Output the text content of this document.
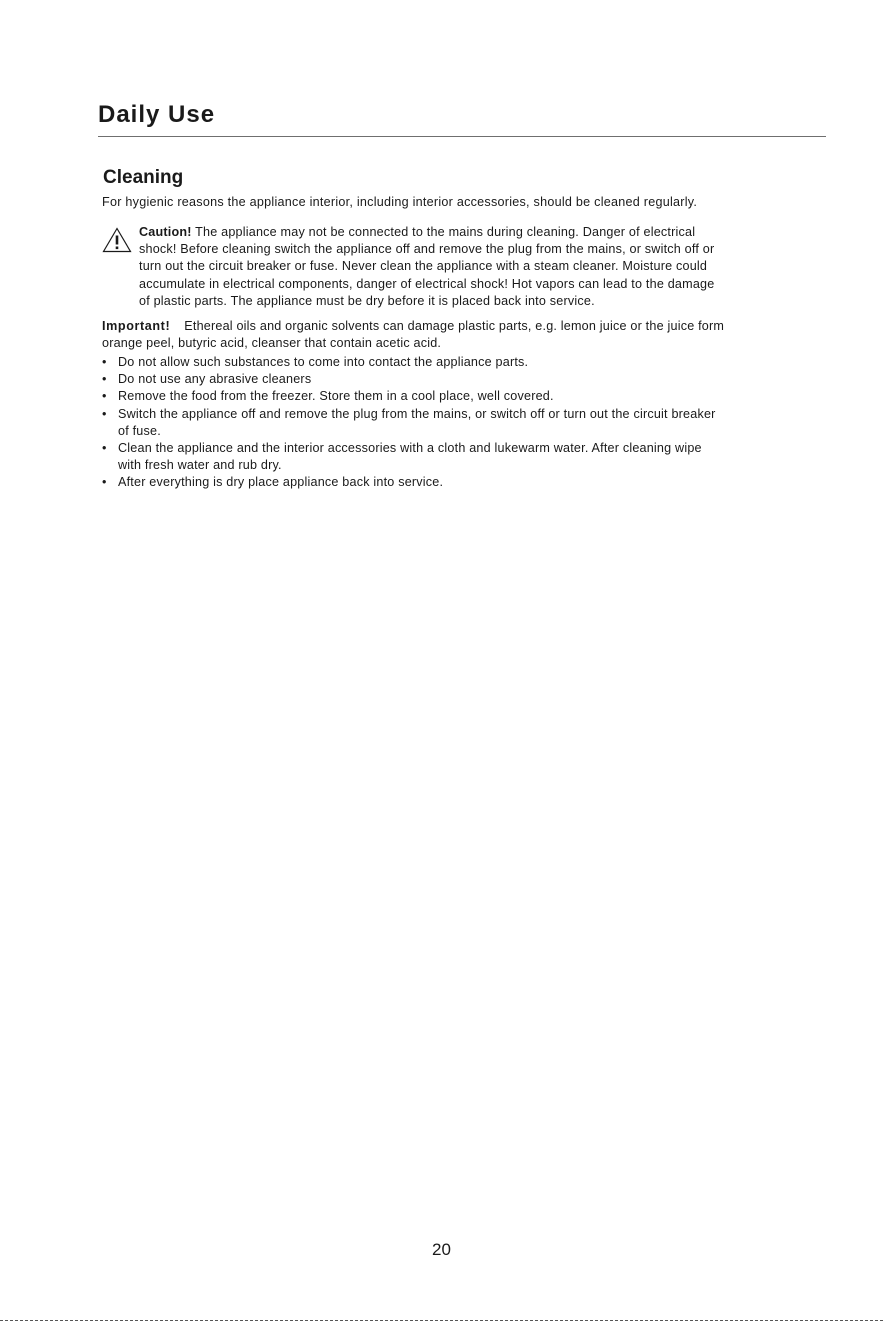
Daily Use
Cleaning

For hygienic reasons the appliance interior, including interior accessories, should be cleaned regularly.

Caution! The appliance may not be connected to the mains during cleaning. Danger of electrical
shock! Before cleaning switch the appliance off and remove the plug from the mains, or switch off or
turn out the circuit breaker or fuse. Never clean the appliance with a steam cleaner. Moisture could
accumulate in electrical components, danger of electrical shock! Hot vapors can lead to the damage
of plastic parts. The appliance must be dry before it is placed back into service.

Important! Ethereal oils and organic solvents can damage plastic parts, e.g. lemon juice or the juice form
orange peel, butyric acid, cleanser that contain acetic acid.

• Do not allow such substances to come into contact the appliance parts.
• Do not use any abrasive cleaners
• Remove the food from the freezer. Store them in a cool place, well covered.
• Switch the appliance off and remove the plug from the mains, or switch off or turn out the circuit breaker
of fuse.
• Clean the appliance and the interior accessories with a cloth and lukewarm water. After cleaning wipe
with fresh water and rub dry.
• After everything is dry place appliance back into service.

20
